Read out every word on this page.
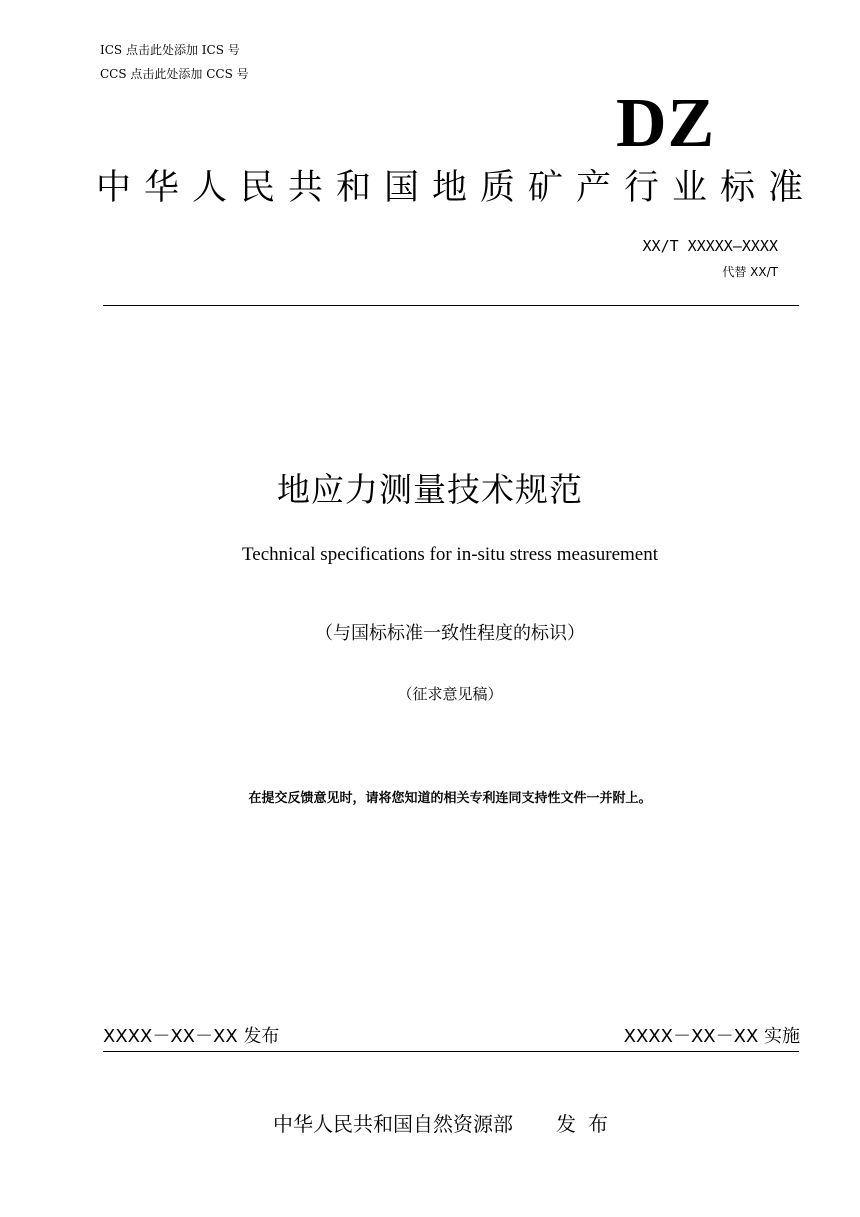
ICS 点击此处添加 ICS 号
CCS 点击此处添加 CCS 号
DZ
中华人民共和国地质矿产行业标准
XX/T XXXXX—XXXX
代替 XX/T
地应力测量技术规范
Technical specifications for in-situ stress measurement
（与国标标准一致性程度的标识）
（征求意见稿）
在提交反馈意见时，请将您知道的相关专利连同支持性文件一并附上。
XXXX－XX－XX 发布	XXXX－XX－XX 实施
中华人民共和国自然资源部 发布
